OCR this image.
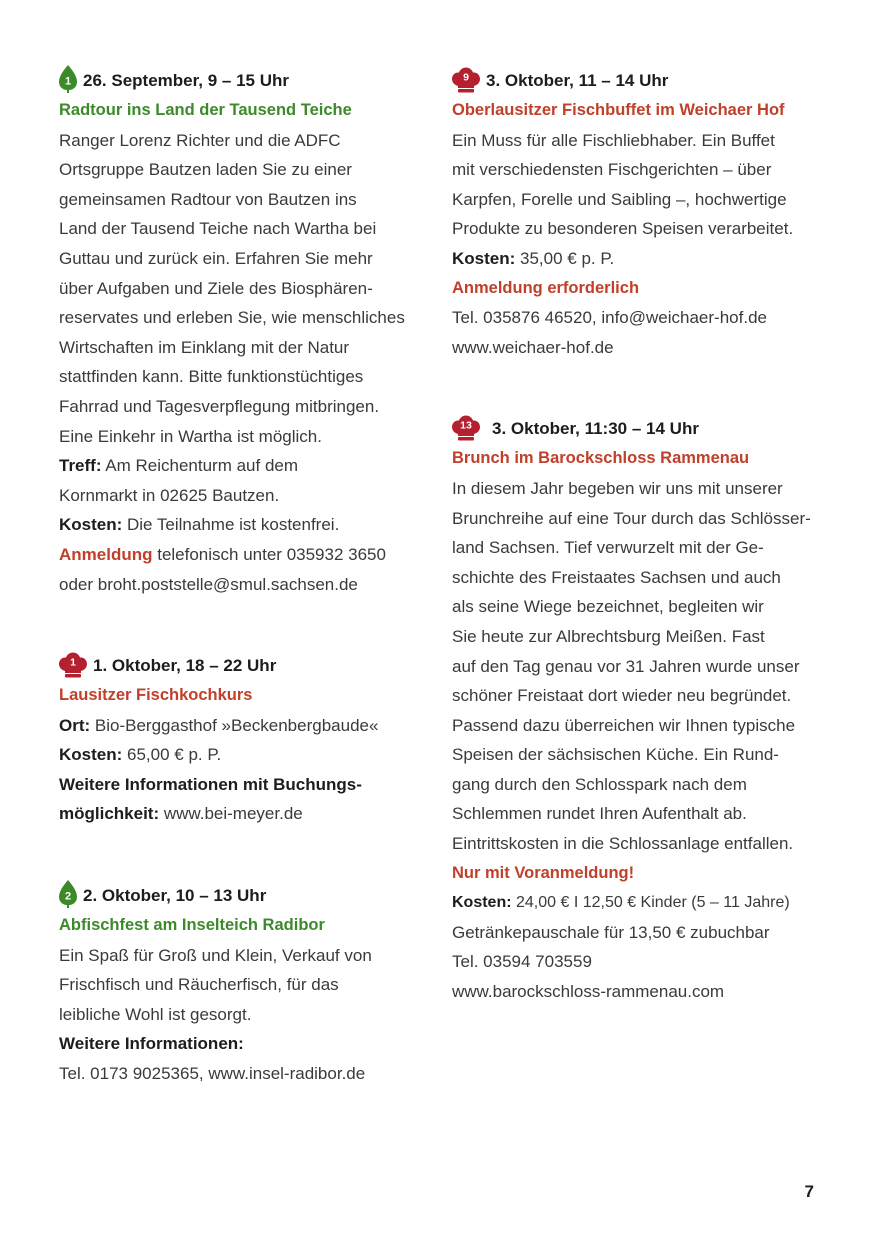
1 26. September, 9 – 15 Uhr
Radtour ins Land der Tausend Teiche
Ranger Lorenz Richter und die ADFC
Ortsgruppe Bautzen laden Sie zu einer
gemeinsamen Radtour von Bautzen ins
Land der Tausend Teiche nach Wartha bei
Guttau und zurück ein. Erfahren Sie mehr
über Aufgaben und Ziele des Biosphären-
reservates und erleben Sie, wie menschliches
Wirtschaften im Einklang mit der Natur
stattfinden kann. Bitte funktionstüchtiges
Fahrrad und Tagesverpflegung mitbringen.
Eine Einkehr in Wartha ist möglich.
Treff: Am Reichenturm auf dem
Kornmarkt in 02625 Bautzen.
Kosten: Die Teilnahme ist kostenfrei.
Anmeldung telefonisch unter 035932 3650
oder broht.poststelle@smul.sachsen.de
1	1. Oktober, 18 – 22 Uhr
Lausitzer Fischkochkurs
Ort: Bio-Berggasthof »Beckenbergbaude«
Kosten: 65,00 € p. P.
Weitere Informationen mit Buchungs-
möglichkeit: www.bei-meyer.de
2 2. Oktober, 10 – 13 Uhr
Abfischfest am Inselteich Radibor
Ein Spaß für Groß und Klein, Verkauf von
Frischfisch und Räucherfisch, für das
leibliche Wohl ist gesorgt.
Weitere Informationen:
Tel. 0173 9025365, www.insel-radibor.de
9	3. Oktober, 11 – 14 Uhr
Oberlausitzer Fischbuffet im Weichaer Hof
Ein Muss für alle Fischliebhaber. Ein Buffet
mit verschiedensten Fischgerichten – über
Karpfen, Forelle und Saibling –, hochwertige
Produkte zu besonderen Speisen verarbeitet.
Kosten: 35,00 € p. P.
Anmeldung erforderlich
Tel. 035876 46520, info@weichaer-hof.de
www.weichaer-hof.de
13	3. Oktober, 11:30 – 14 Uhr
Brunch im Barockschloss Rammenau
In diesem Jahr begeben wir uns mit unserer
Brunchreihe auf eine Tour durch das Schlösser-
land Sachsen. Tief verwurzelt mit der Ge-
schichte des Freistaates Sachsen und auch
als seine Wiege bezeichnet, begleiten wir
Sie heute zur Albrechtsburg Meißen. Fast
auf den Tag genau vor 31 Jahren wurde unser
schöner Freistaat dort wieder neu begründet.
Passend dazu überreichen wir Ihnen typische
Speisen der sächsischen Küche. Ein Rund-
gang durch den Schlosspark nach dem
Schlemmen rundet Ihren Aufenthalt ab.
Eintrittskosten in die Schlossanlage entfallen.
Nur mit Voranmeldung!
Kosten: 24,00 € I 12,50 € Kinder (5 – 11 Jahre)
Getränkepauschale für 13,50 € zubuchbar
Tel. 03594 703559
www.barockschloss-rammenau.com
7
